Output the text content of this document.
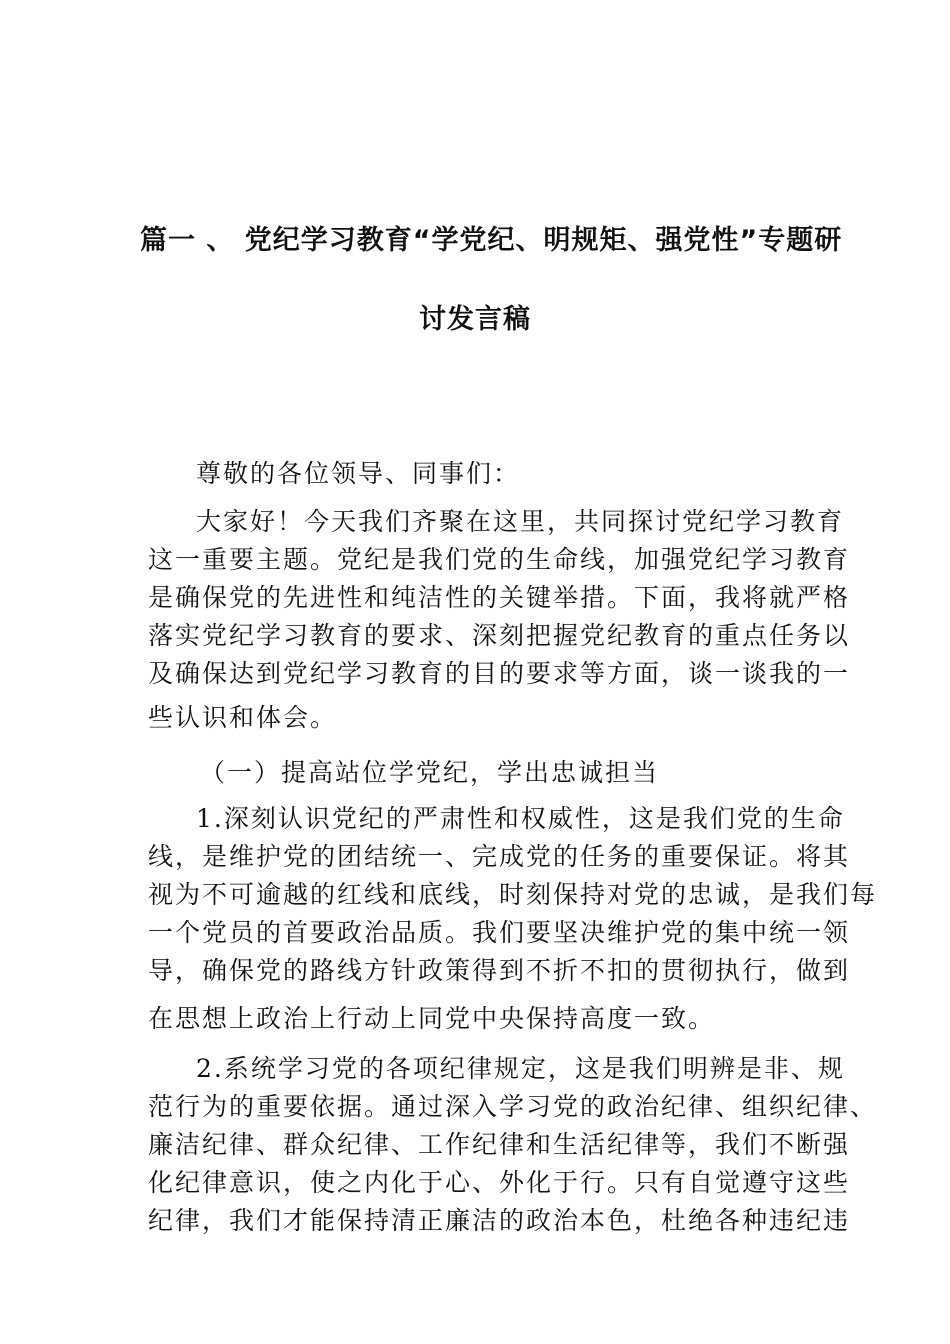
篇一 、 党纪学习教育“学党纪、明规矩、强党性”专题研
讨发言稿
尊敬的各位领导、同事们：
大家好！今天我们齐聚在这里，共同探讨党纪学习教育
这一重要主题。党纪是我们党的生命线，加强党纪学习教育
是确保党的先进性和纯洁性的关键举措。下面，我将就严格
落实党纪学习教育的要求、深刻把握党纪教育的重点任务以
及确保达到党纪学习教育的目的要求等方面，谈一谈我的一
些认识和体会。
（一）提高站位学党纪，学出忠诚担当
1.深刻认识党纪的严肃性和权威性，这是我们党的生命
线，是维护党的团结统一、完成党的任务的重要保证。将其
视为不可逾越的红线和底线，时刻保持对党的忠诚，是我们每
一个党员的首要政治品质。我们要坚决维护党的集中统一领
导，确保党的路线方针政策得到不折不扣的贯彻执行，做到
在思想上政治上行动上同党中央保持高度一致。
2.系统学习党的各项纪律规定，这是我们明辨是非、规
范行为的重要依据。通过深入学习党的政治纪律、组织纪律、
廉洁纪律、群众纪律、工作纪律和生活纪律等，我们不断强
化纪律意识，使之内化于心、外化于行。只有自觉遵守这些
纪律，我们才能保持清正廉洁的政治本色，杜绝各种违纪违
